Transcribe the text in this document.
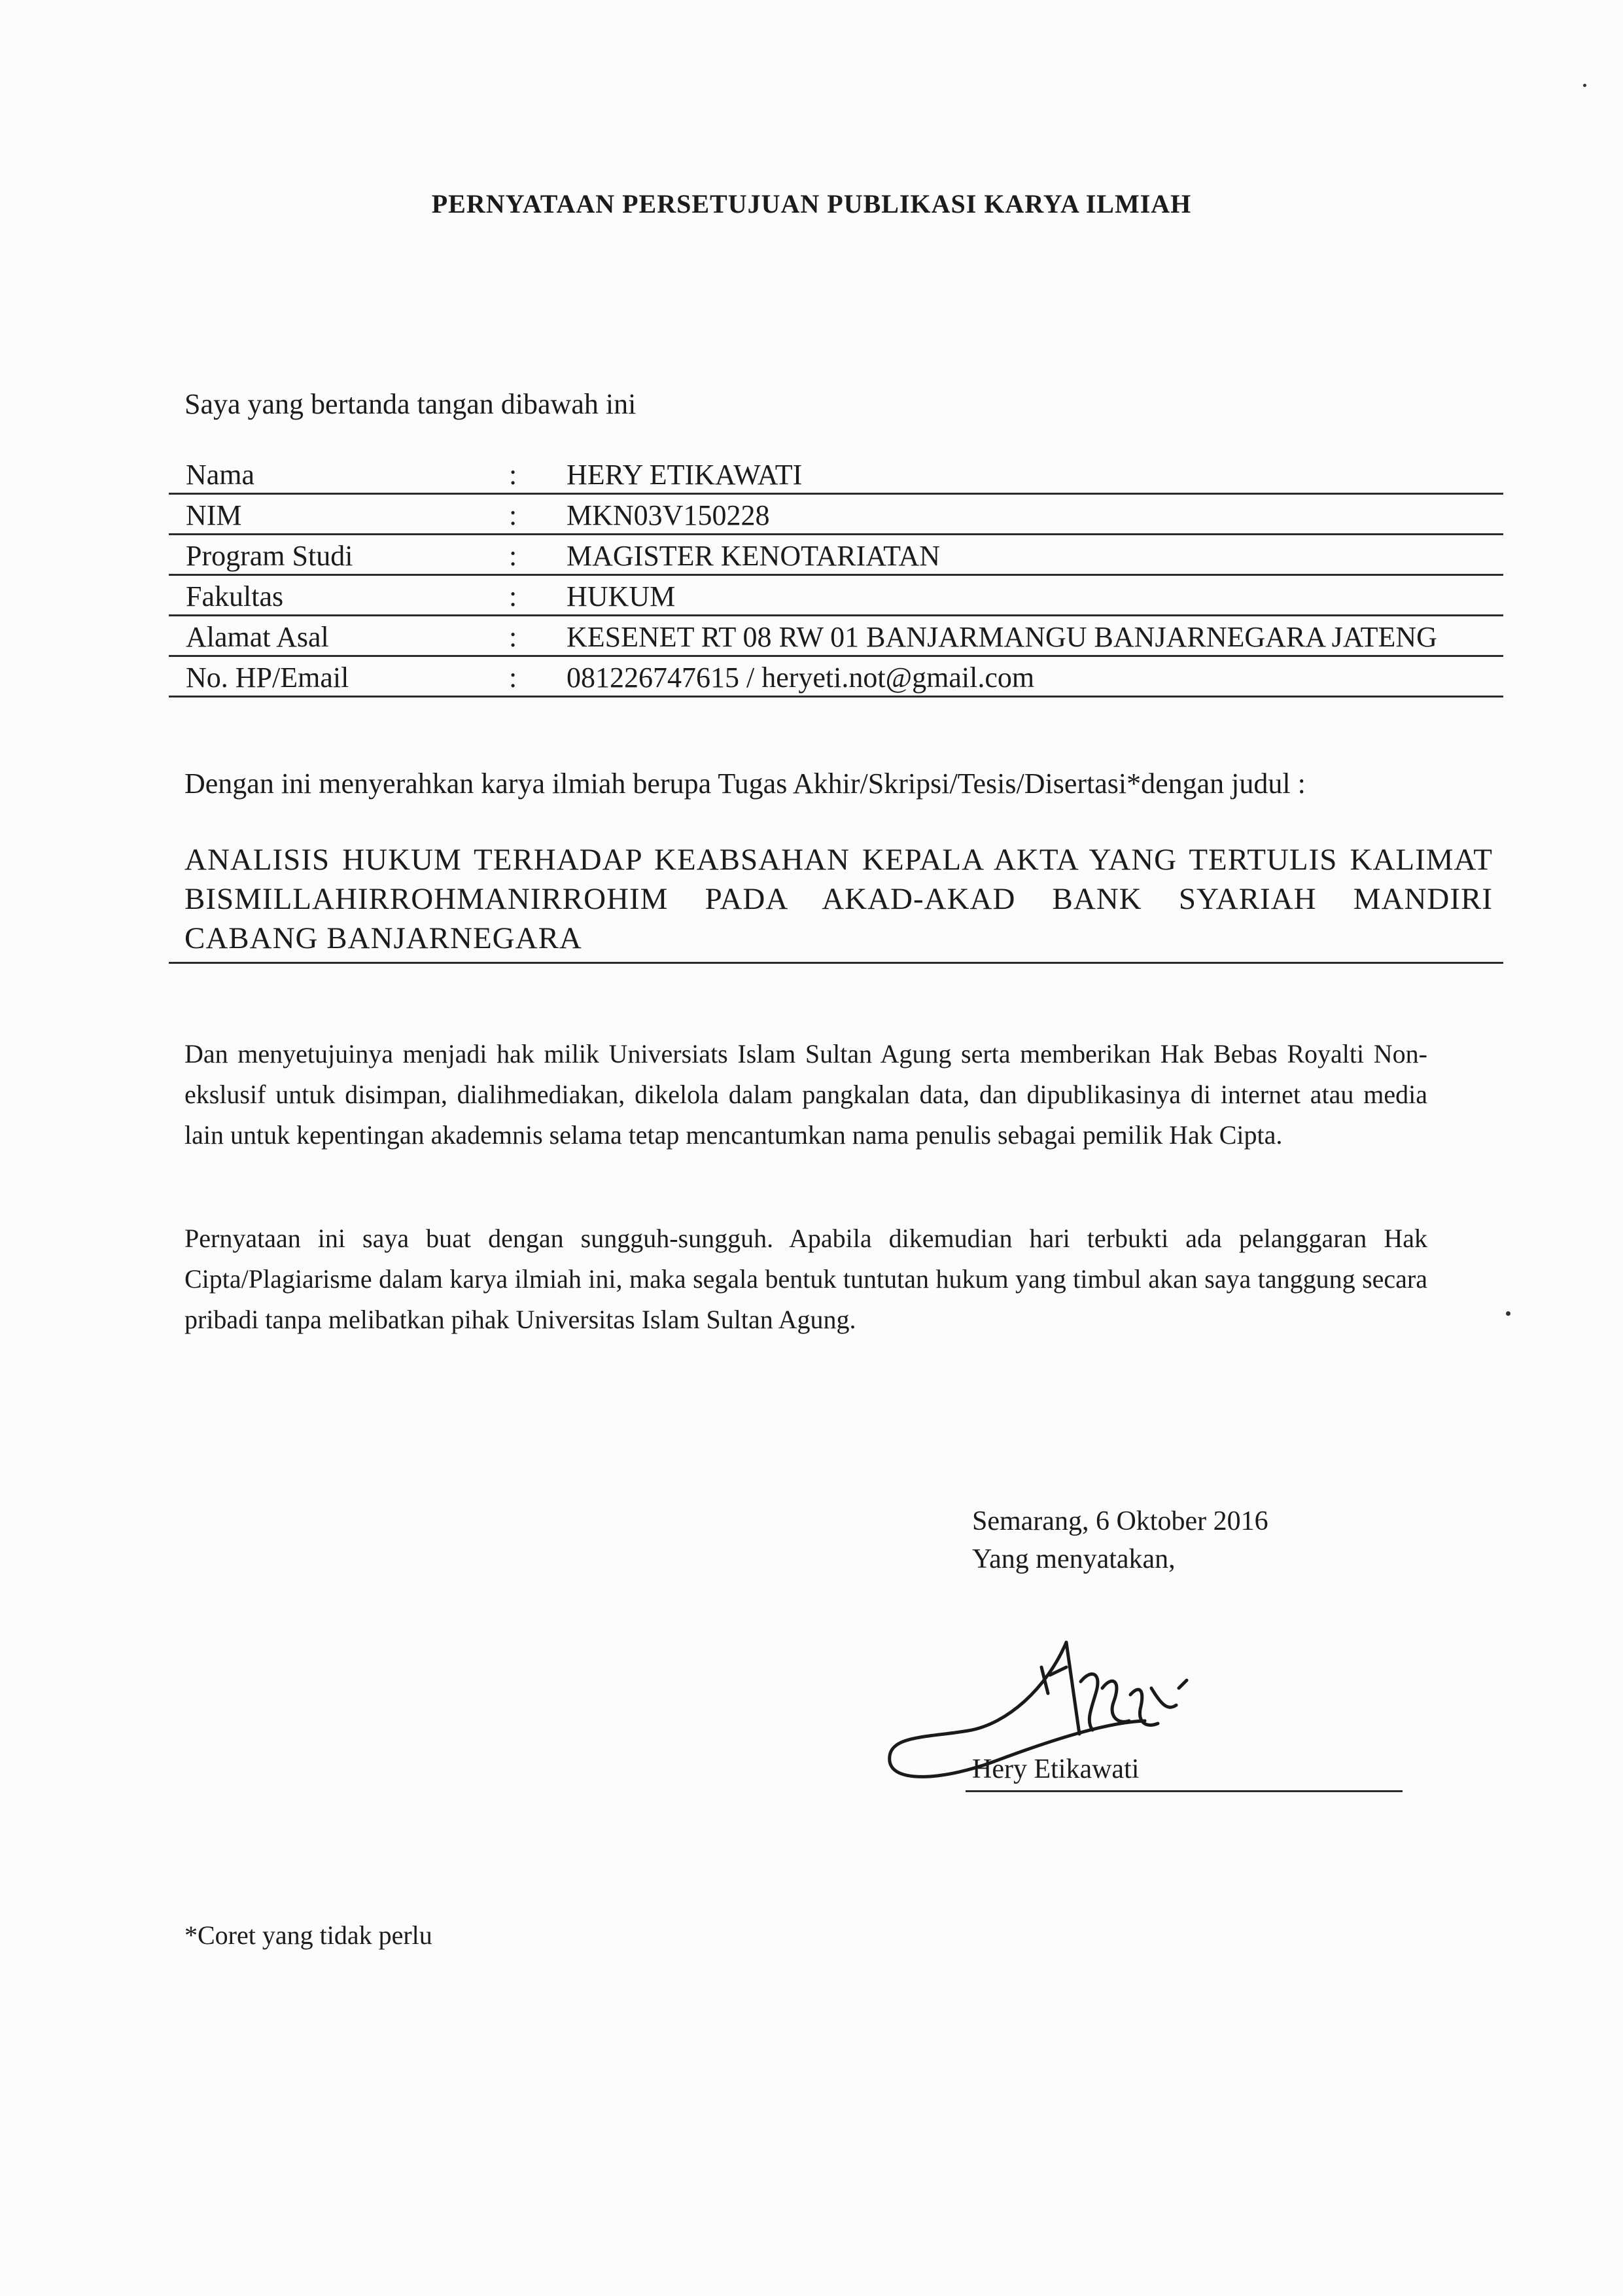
PERNYATAAN PERSETUJUAN PUBLIKASI KARYA ILMIAH
Saya yang bertanda tangan dibawah ini
Nama	: HERY ETIKAWATI
NIM	: MKN03V150228
Program Studi	: MAGISTER KENOTARIATAN
Fakultas	: HUKUM
Alamat Asal	: KESENET RT 08 RW 01 BANJARMANGU BANJARNEGARA JATENG
No. HP/Email	: 081226747615 / heryeti.not@gmail.com
Dengan ini menyerahkan karya ilmiah berupa Tugas Akhir/Skripsi/Tesis/Disertasi*dengan judul :

ANALISIS HUKUM TERHADAP KEABSAHAN KEPALA AKTA YANG TERTULIS KALIMAT BISMILLAHIRROHMANIRROHIM PADA AKAD-AKAD BANK SYARIAH MANDIRI CABANG BANJARNEGARA

Dan menyetujuinya menjadi hak milik Universiats Islam Sultan Agung serta memberikan Hak Bebas Royalti Non-ekslusif untuk disimpan, dialihmediakan, dikelola dalam pangkalan data, dan dipublikasinya di internet atau media lain untuk kepentingan akademnis selama tetap mencantumkan nama penulis sebagai pemilik Hak Cipta.

Pernyataan ini saya buat dengan sungguh-sungguh. Apabila dikemudian hari terbukti ada pelanggaran Hak Cipta/Plagiarisme dalam karya ilmiah ini, maka segala bentuk tuntutan hukum yang timbul akan saya tanggung secara pribadi tanpa melibatkan pihak Universitas Islam Sultan Agung.

Semarang, 6 Oktober 2016
Yang menyatakan,
Hery Etikawati
*Coret yang tidak perlu
